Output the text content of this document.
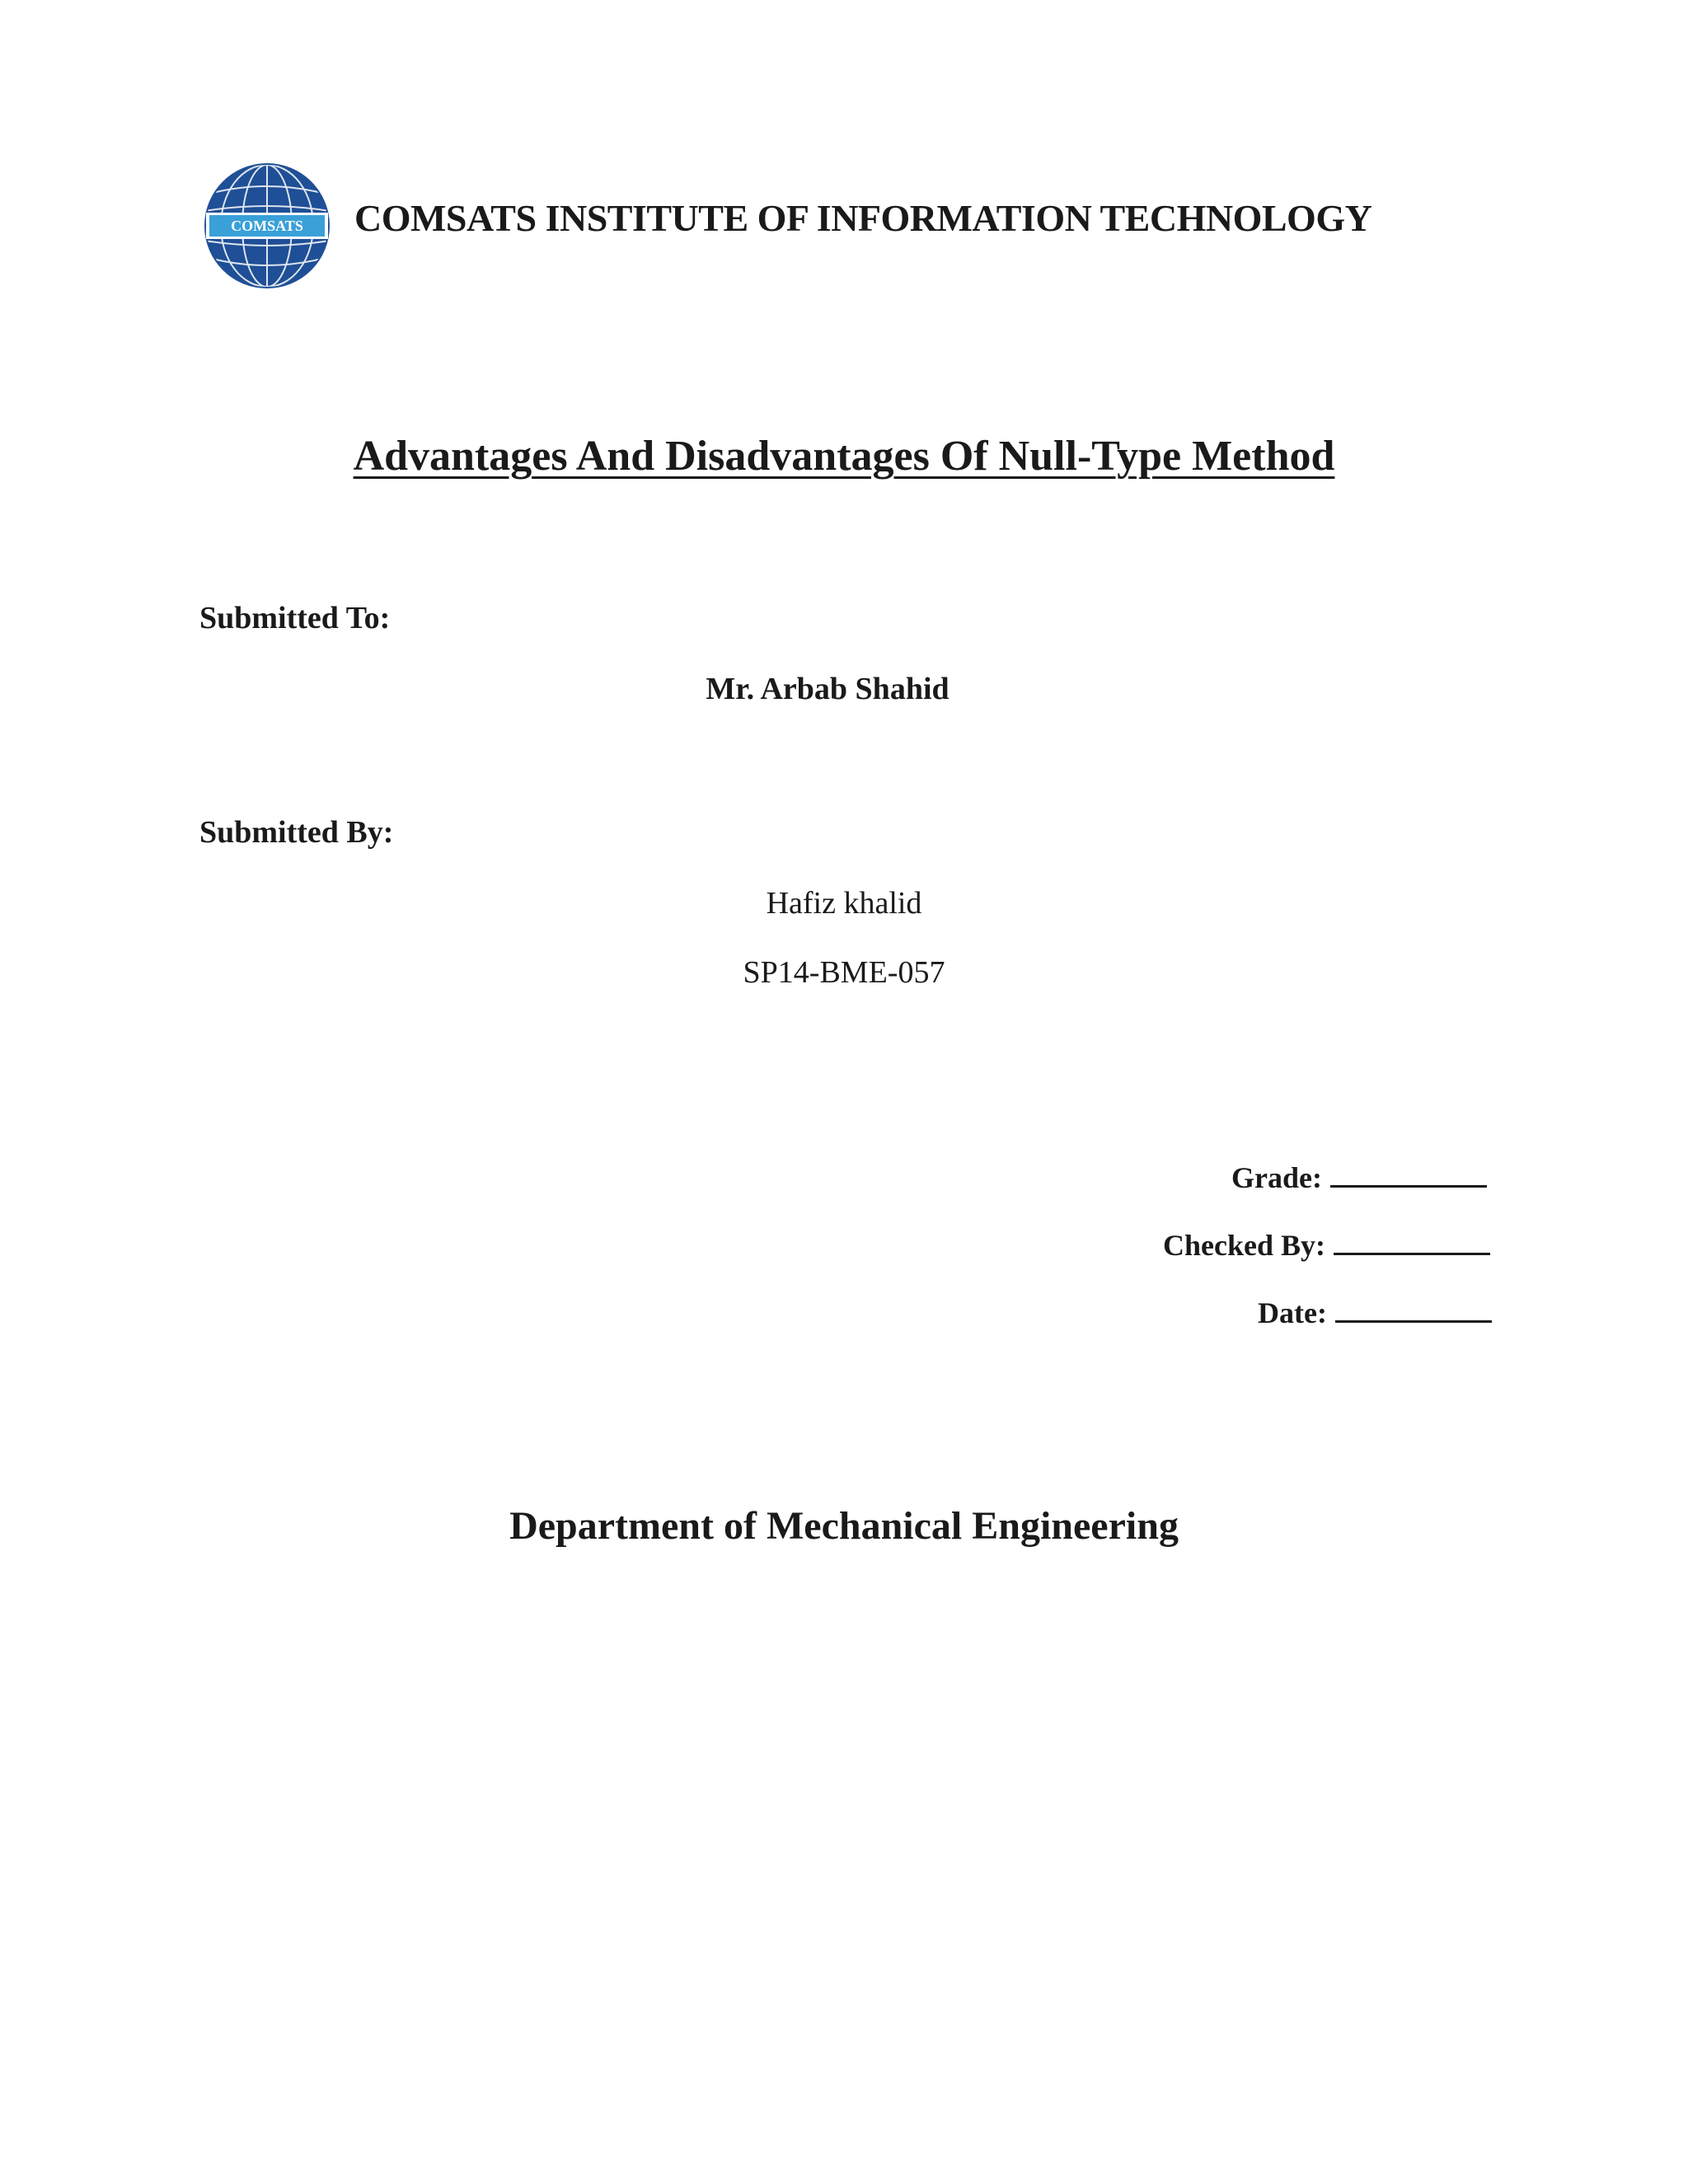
COMSATS COMSATS INSTITUTE OF INFORMATION TECHNOLOGY
Advantages And Disadvantages Of Null-Type Method
Submitted To:
Mr. Arbab Shahid
Submitted By:
Hafiz khalid
SP14-BME-057
Grade:
Checked By:
Date:
Department of Mechanical Engineering
